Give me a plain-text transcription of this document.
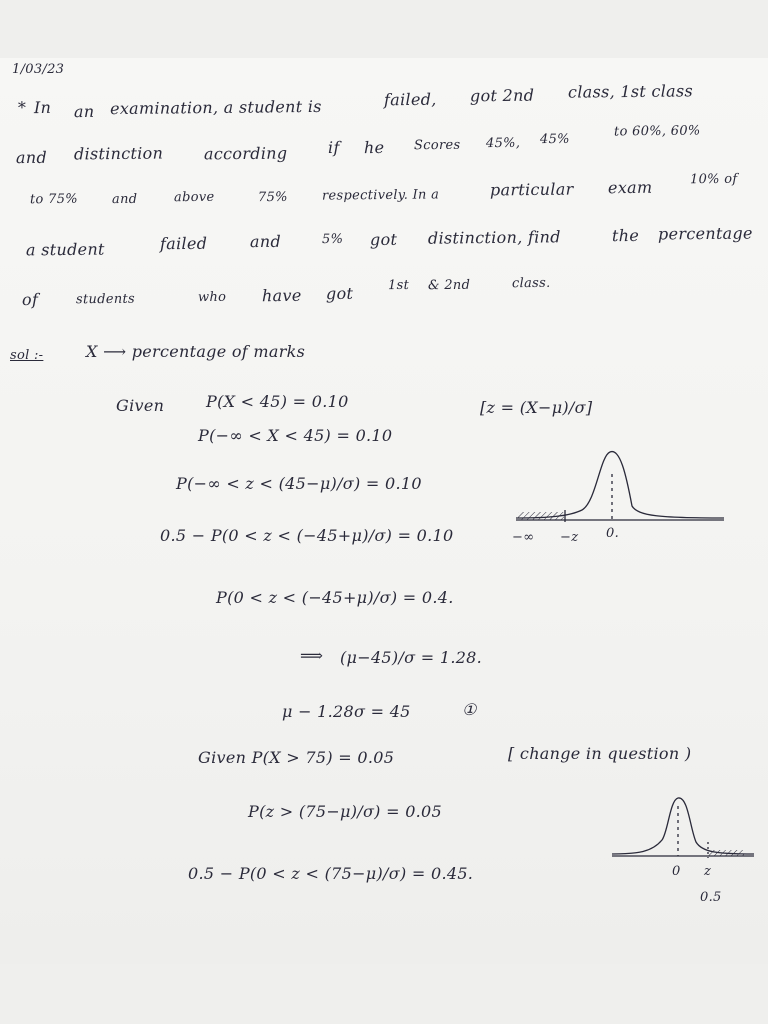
1/03/23
* In an examination, a student is	failed, got 2nd class, 1st class
and distinction	according	if he Scores 45%, 45%
to 60%, 60%
to 75%	and	above	75%	respectively. In a	particular exam	10% of
a student	failed	and	5% got distinction, find	the percentage
of	students	who have got	1st & 2nd	class.
sol :-	X ⟶ percentage of marks
Given	P(X < 45) = 0.10	[z = (X−μ)/σ]
P(−∞ < X < 45) = 0.10
P(−∞ < z < (45−μ)/σ) = 0.10
0.5 − P(0 < z < (−45+μ)/σ) = 0.10
P(0 < z < (−45+μ)/σ) = 0.4.
⟹ (μ−45)/σ = 1.28.
μ − 1.28σ = 45	①
Given P(X > 75) = 0.05	[ change in question )
P(z > (75−μ)/σ) = 0.05
0.5 − P(0 < z < (75−μ)/σ) = 0.45.
−∞ −z 0.
0 z
0.5
